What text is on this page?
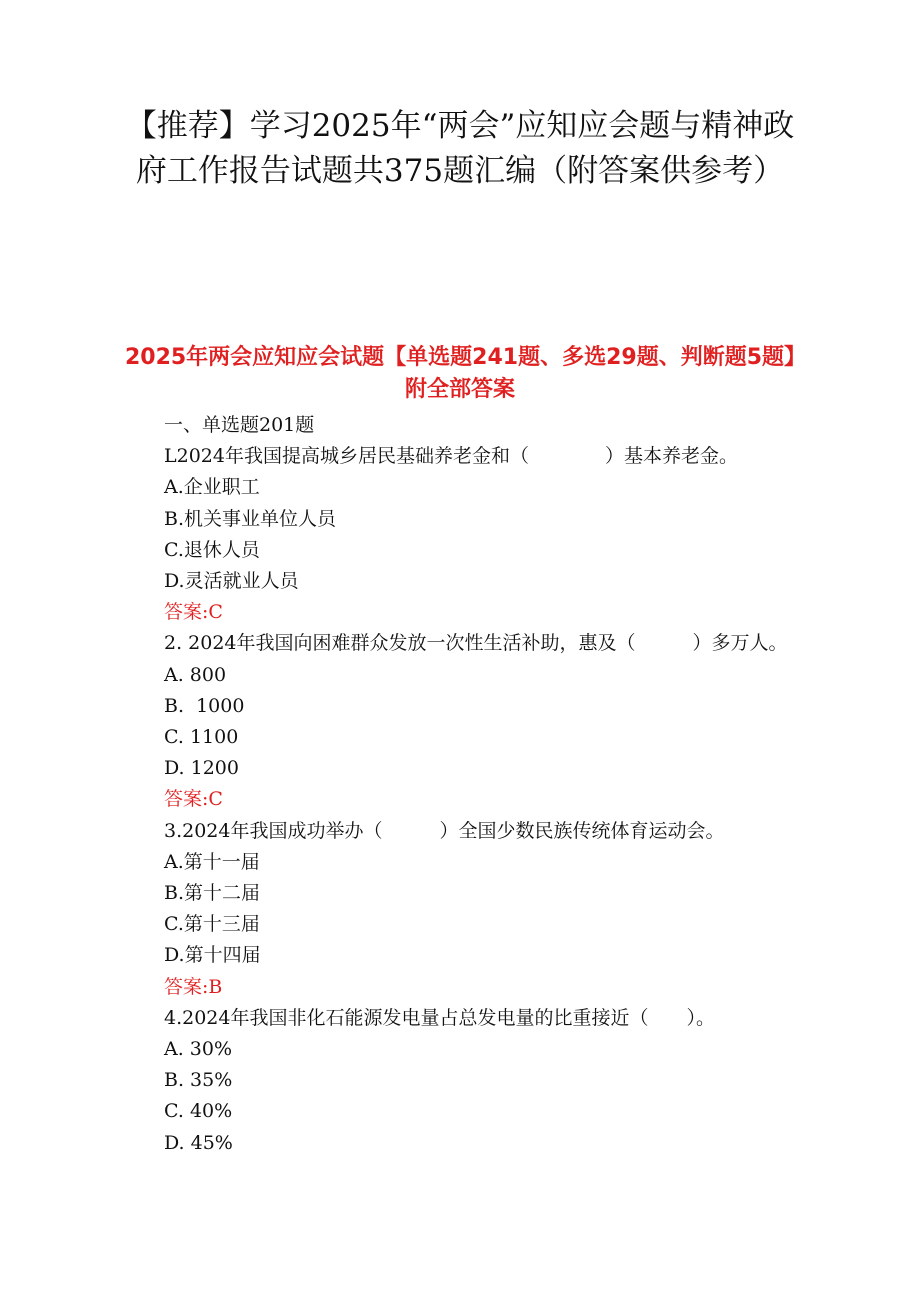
【推荐】学习2025年“两会”应知应会题与精神政府工作报告试题共375题汇编（附答案供参考）
2025年两会应知应会试题【单选题241题、多选29题、判断题5题】附全部答案
一、单选题201题
L2024年我国提高城乡居民基础养老金和（　　　　）基本养老金。
A.企业职工
B.机关事业单位人员
C.退休人员
D.灵活就业人员
答案:C
2. 2024年我国向困难群众发放一次性生活补助，惠及（　　　）多万人。
A. 800
B.  1000
C. 1100
D. 1200
答案:C
3.2024年我国成功举办（　　　）全国少数民族传统体育运动会。
A.第十一届
B.第十二届
C.第十三届
D.第十四届
答案:B
4.2024年我国非化石能源发电量占总发电量的比重接近（　　）。
A. 30%
B. 35%
C. 40%
D. 45%
